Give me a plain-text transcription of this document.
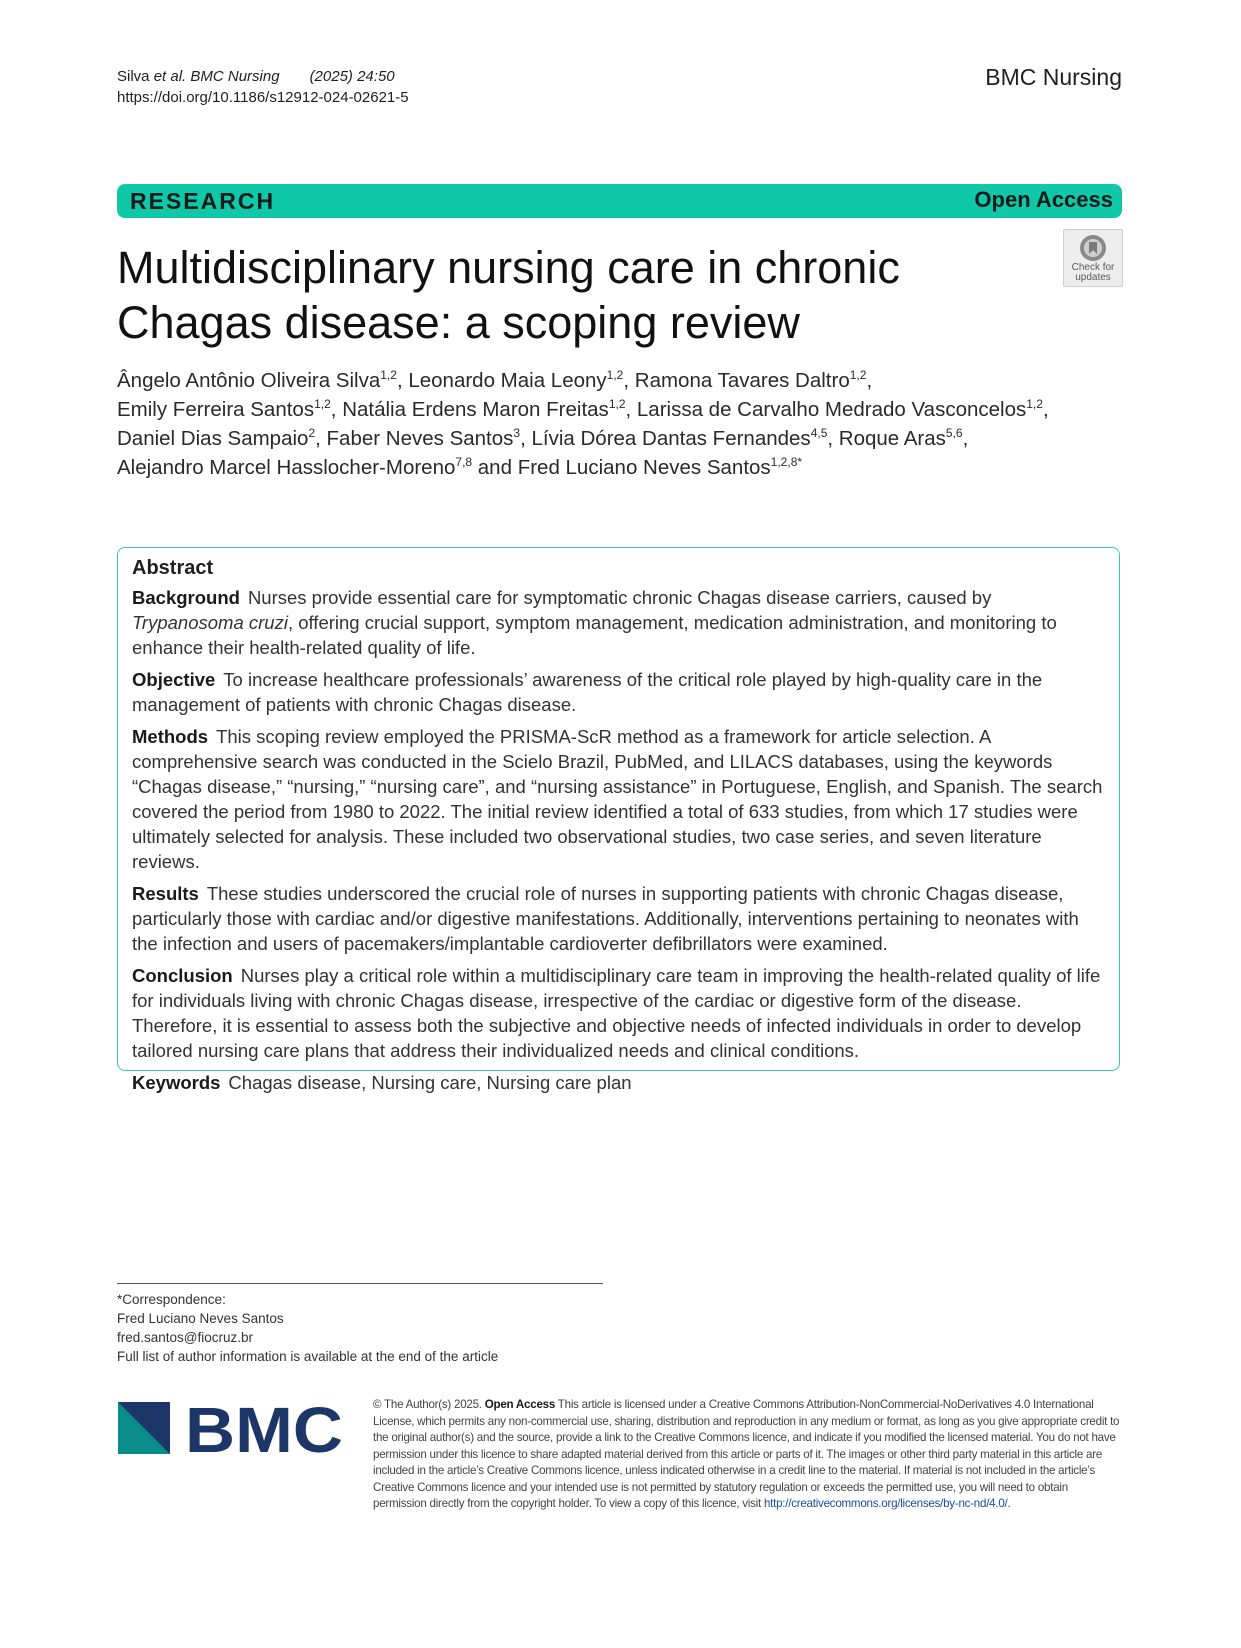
Silva et al. BMC Nursing (2025) 24:50
https://doi.org/10.1186/s12912-024-02621-5
BMC Nursing
RESEARCH	Open Access
Check for
updates
Multidisciplinary nursing care in chronic
Chagas disease: a scoping review
Ângelo Antônio Oliveira Silva$^{1,2}$, Leonardo Maia Leony$^{1,2}$, Ramona Tavares Daltro$^{1,2}$,
Emily Ferreira Santos$^{1,2}$, Natália Erdens Maron Freitas$^{1,2}$, Larissa de Carvalho Medrado Vasconcelos$^{1,2}$,
Daniel Dias Sampaio$^2$, Faber Neves Santos$^3$, Lívia Dórea Dantas Fernandes$^{4,5}$, Roque Aras$^{5,6}$,
Alejandro Marcel Hasslocher-Moreno$^{7,8}$ and Fred Luciano Neves Santos$^{1,2,8*}$
Abstract

Background Nurses provide essential care for symptomatic chronic Chagas disease carriers, caused by Trypanosoma cruzi, offering crucial support, symptom management, medication administration, and monitoring to enhance their health-related quality of life.

Objective To increase healthcare professionals’ awareness of the critical role played by high-quality care in the management of patients with chronic Chagas disease.

Methods This scoping review employed the PRISMA-ScR method as a framework for article selection. A comprehensive search was conducted in the Scielo Brazil, PubMed, and LILACS databases, using the keywords “Chagas disease,” “nursing,” “nursing care”, and “nursing assistance” in Portuguese, English, and Spanish. The search covered the period from 1980 to 2022. The initial review identified a total of 633 studies, from which 17 studies were ultimately selected for analysis. These included two observational studies, two case series, and seven literature reviews.

Results These studies underscored the crucial role of nurses in supporting patients with chronic Chagas disease, particularly those with cardiac and/or digestive manifestations. Additionally, interventions pertaining to neonates with the infection and users of pacemakers/implantable cardioverter defibrillators were examined.

Conclusion Nurses play a critical role within a multidisciplinary care team in improving the health-related quality of life for individuals living with chronic Chagas disease, irrespective of the cardiac or digestive form of the disease. Therefore, it is essential to assess both the subjective and objective needs of infected individuals in order to develop tailored nursing care plans that address their individualized needs and clinical conditions.

Keywords Chagas disease, Nursing care, Nursing care plan

*Correspondence:
Fred Luciano Neves Santos
fred.santos@fiocruz.br
Full list of author information is available at the end of the article
BMC	© The Author(s) 2025. Open Access This article is licensed under a Creative Commons Attribution-NonCommercial-NoDerivatives 4.0 International License, which permits any non-commercial use, sharing, distribution and reproduction in any medium or format, as long as you give appropriate credit to the original author(s) and the source, provide a link to the Creative Commons licence, and indicate if you modified the licensed material. You do not have permission under this licence to share adapted material derived from this article or parts of it. The images or other third party material in this article are included in the article’s Creative Commons licence, unless indicated otherwise in a credit line to the material. If material is not included in the article’s Creative Commons licence and your intended use is not permitted by statutory regulation or exceeds the permitted use, you will need to obtain permission directly from the copyright holder. To view a copy of this licence, visit http://creativecommons.org/licenses/by-nc-nd/4.0/.
